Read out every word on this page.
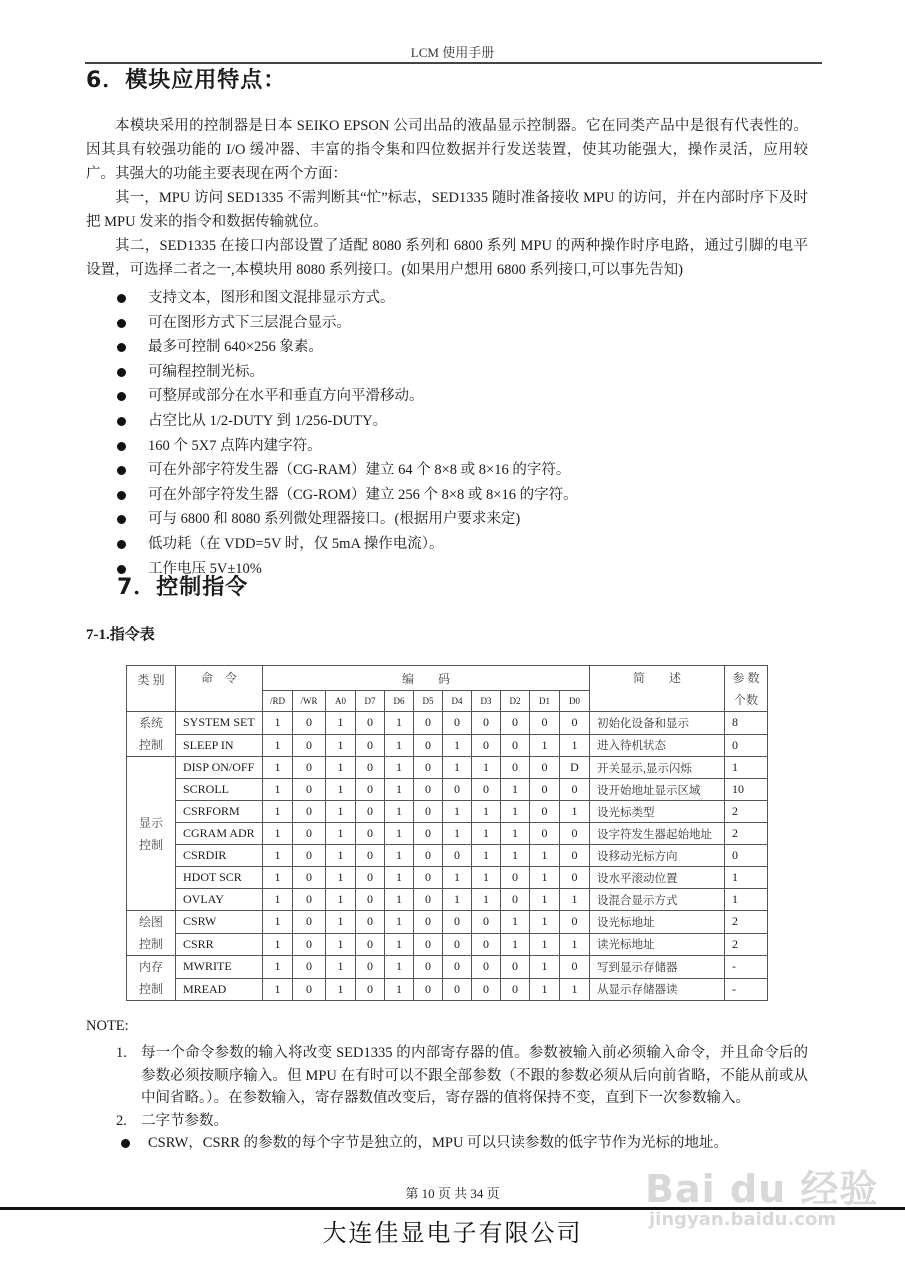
LCM 使用手册
6．模块应用特点：

本模块采用的控制器是日本 SEIKO EPSON 公司出品的液晶显示控制器。它在同类产品中是很有代表性的。因其具有较强功能的 I/O 缓冲器、丰富的指令集和四位数据并行发送装置，使其功能强大，操作灵活，应用较广。其强大的功能主要表现在两个方面：

其一，MPU 访问 SED1335 不需判断其“忙”标志，SED1335 随时准备接收 MPU 的访问，并在内部时序下及时把 MPU 发来的指令和数据传输就位。

其二，SED1335 在接口内部设置了适配 8080 系列和 6800 系列 MPU 的两种操作时序电路，通过引脚的电平设置，可选择二者之一,本模块用 8080 系列接口。(如果用户想用 6800 系列接口,可以事先告知)

支持文本，图形和图文混排显示方式。
可在图形方式下三层混合显示。
最多可控制 640×256 象素。
可编程控制光标。
可整屏或部分在水平和垂直方向平滑移动。
占空比从 1/2-DUTY 到 1/256-DUTY。
160 个 5X7 点阵内建字符。
可在外部字符发生器（CG-RAM）建立 64 个 8×8 或 8×16 的字符。
可在外部字符发生器（CG-ROM）建立 256 个 8×8 或 8×16 的字符。
可与 6800 和 8080 系列微处理器接口。(根据用户要求来定)
低功耗（在 VDD=5V 时，仅 5mA 操作电流）。
工作电压 5V±10%
7．控制指令
7-1.指令表
类 别	命　令	编　　码											简　　述	参 数
个数

		/RD	/WR	A0	D7	D6	D5	D4	D3	D2	D1	D0		

系统
控制	SYSTEM SET	1	0	1	0	1	0	0	0	0	0	0	初始化设备和显示	8
	SLEEP IN	1	0	1	0	1	0	1	0	0	1	1	进入待机状态	0

显示
控制	DISP ON/OFF	1	0	1	0	1	0	1	1	0	0	D	开关显示,显示闪烁	1
	SCROLL	1	0	1	0	1	0	0	0	1	0	0	设开始地址显示区域	10
	CSRFORM	1	0	1	0	1	0	1	1	1	0	1	设光标类型	2
	CGRAM ADR	1	0	1	0	1	0	1	1	1	0	0	设字符发生器起始地址	2
	CSRDIR	1	0	1	0	1	0	0	1	1	1	0	设移动光标方向	0
	HDOT SCR	1	0	1	0	1	0	1	1	0	1	0	设水平滚动位置	1
	OVLAY	1	0	1	0	1	0	1	1	0	1	1	设混合显示方式	1

绘图
控制	CSRW	1	0	1	0	1	0	0	0	1	1	0	设光标地址	2
	CSRR	1	0	1	0	1	0	0	0	1	1	1	读光标地址	2

内存
控制	MWRITE	1	0	1	0	1	0	0	0	0	1	0	写到显示存储器	-
	MREAD	1	0	1	0	1	0	0	0	0	1	1	从显示存储器读	-
NOTE:
1. 每一个命令参数的输入将改变 SED1335 的内部寄存器的值。参数被输入前必须输入命令，并且命令后的参数必须按顺序输入。但 MPU 在有时可以不跟全部参数（不跟的参数必须从后向前省略，不能从前或从中间省略。）。在参数输入，寄存器数值改变后，寄存器的值将保持不变，直到下一次参数输入。
2. 二字节参数。
CSRW，CSRR 的参数的每个字节是独立的，MPU 可以只读参数的低字节作为光标的地址。
第 10 页 共 34 页
大连佳显电子有限公司
Bai du 经验
jingyan.baidu.com
